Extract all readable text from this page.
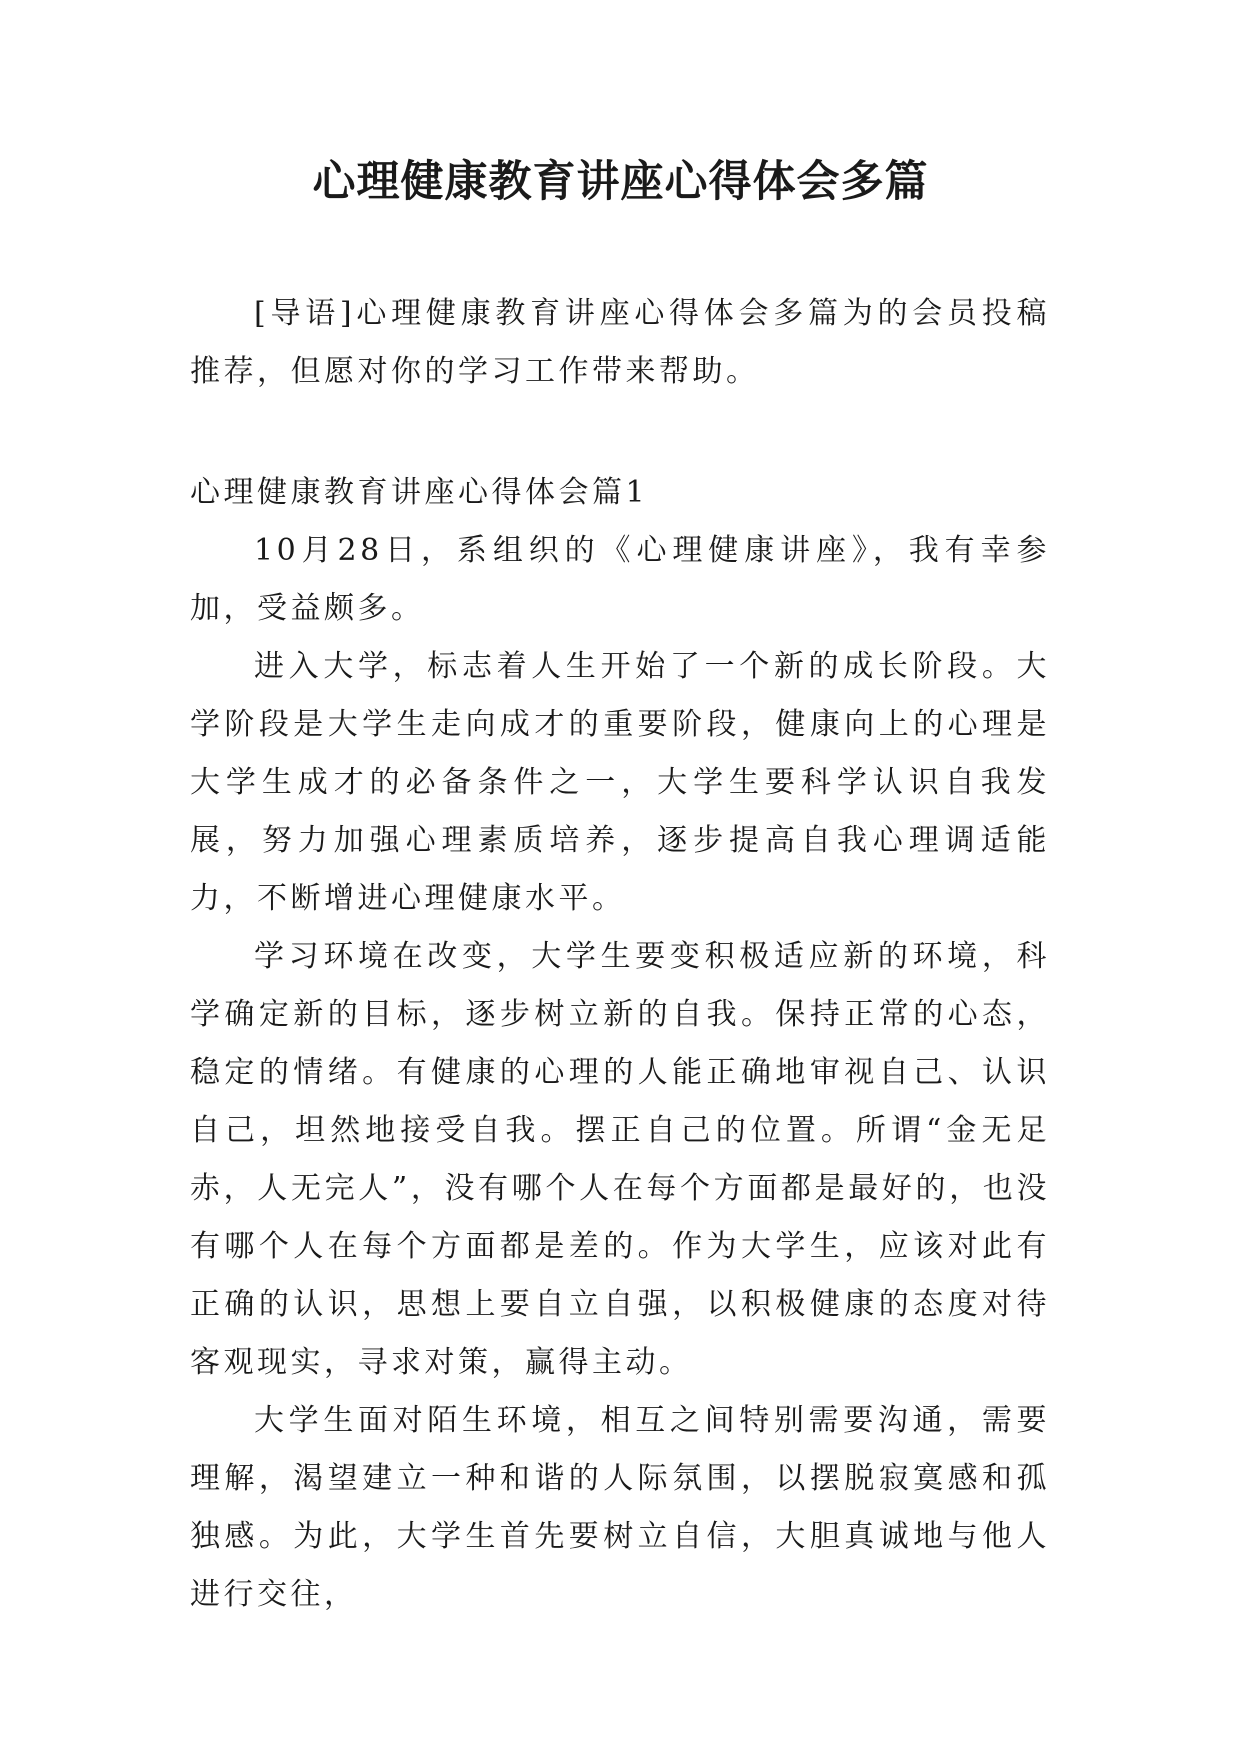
心理健康教育讲座心得体会多篇

[导语]心理健康教育讲座心得体会多篇为的会员投稿推荐，但愿对你的学习工作带来帮助。

心理健康教育讲座心得体会篇1

10月28日，系组织的《心理健康讲座》，我有幸参加，受益颇多。

进入大学，标志着人生开始了一个新的成长阶段。大学阶段是大学生走向成才的重要阶段，健康向上的心理是大学生成才的必备条件之一，大学生要科学认识自我发展，努力加强心理素质培养，逐步提高自我心理调适能力，不断增进心理健康水平。

学习环境在改变，大学生要变积极适应新的环境，科学确定新的目标，逐步树立新的自我。保持正常的心态，稳定的情绪。有健康的心理的人能正确地审视自己、认识自己，坦然地接受自我。摆正自己的位置。所谓“金无足赤，人无完人”，没有哪个人在每个方面都是最好的，也没有哪个人在每个方面都是差的。作为大学生，应该对此有正确的认识，思想上要自立自强，以积极健康的态度对待客观现实，寻求对策，赢得主动。

大学生面对陌生环境，相互之间特别需要沟通，需要理解，渴望建立一种和谐的人际氛围，以摆脱寂寞感和孤独感。为此，大学生首先要树立自信，大胆真诚地与他人进行交往，
